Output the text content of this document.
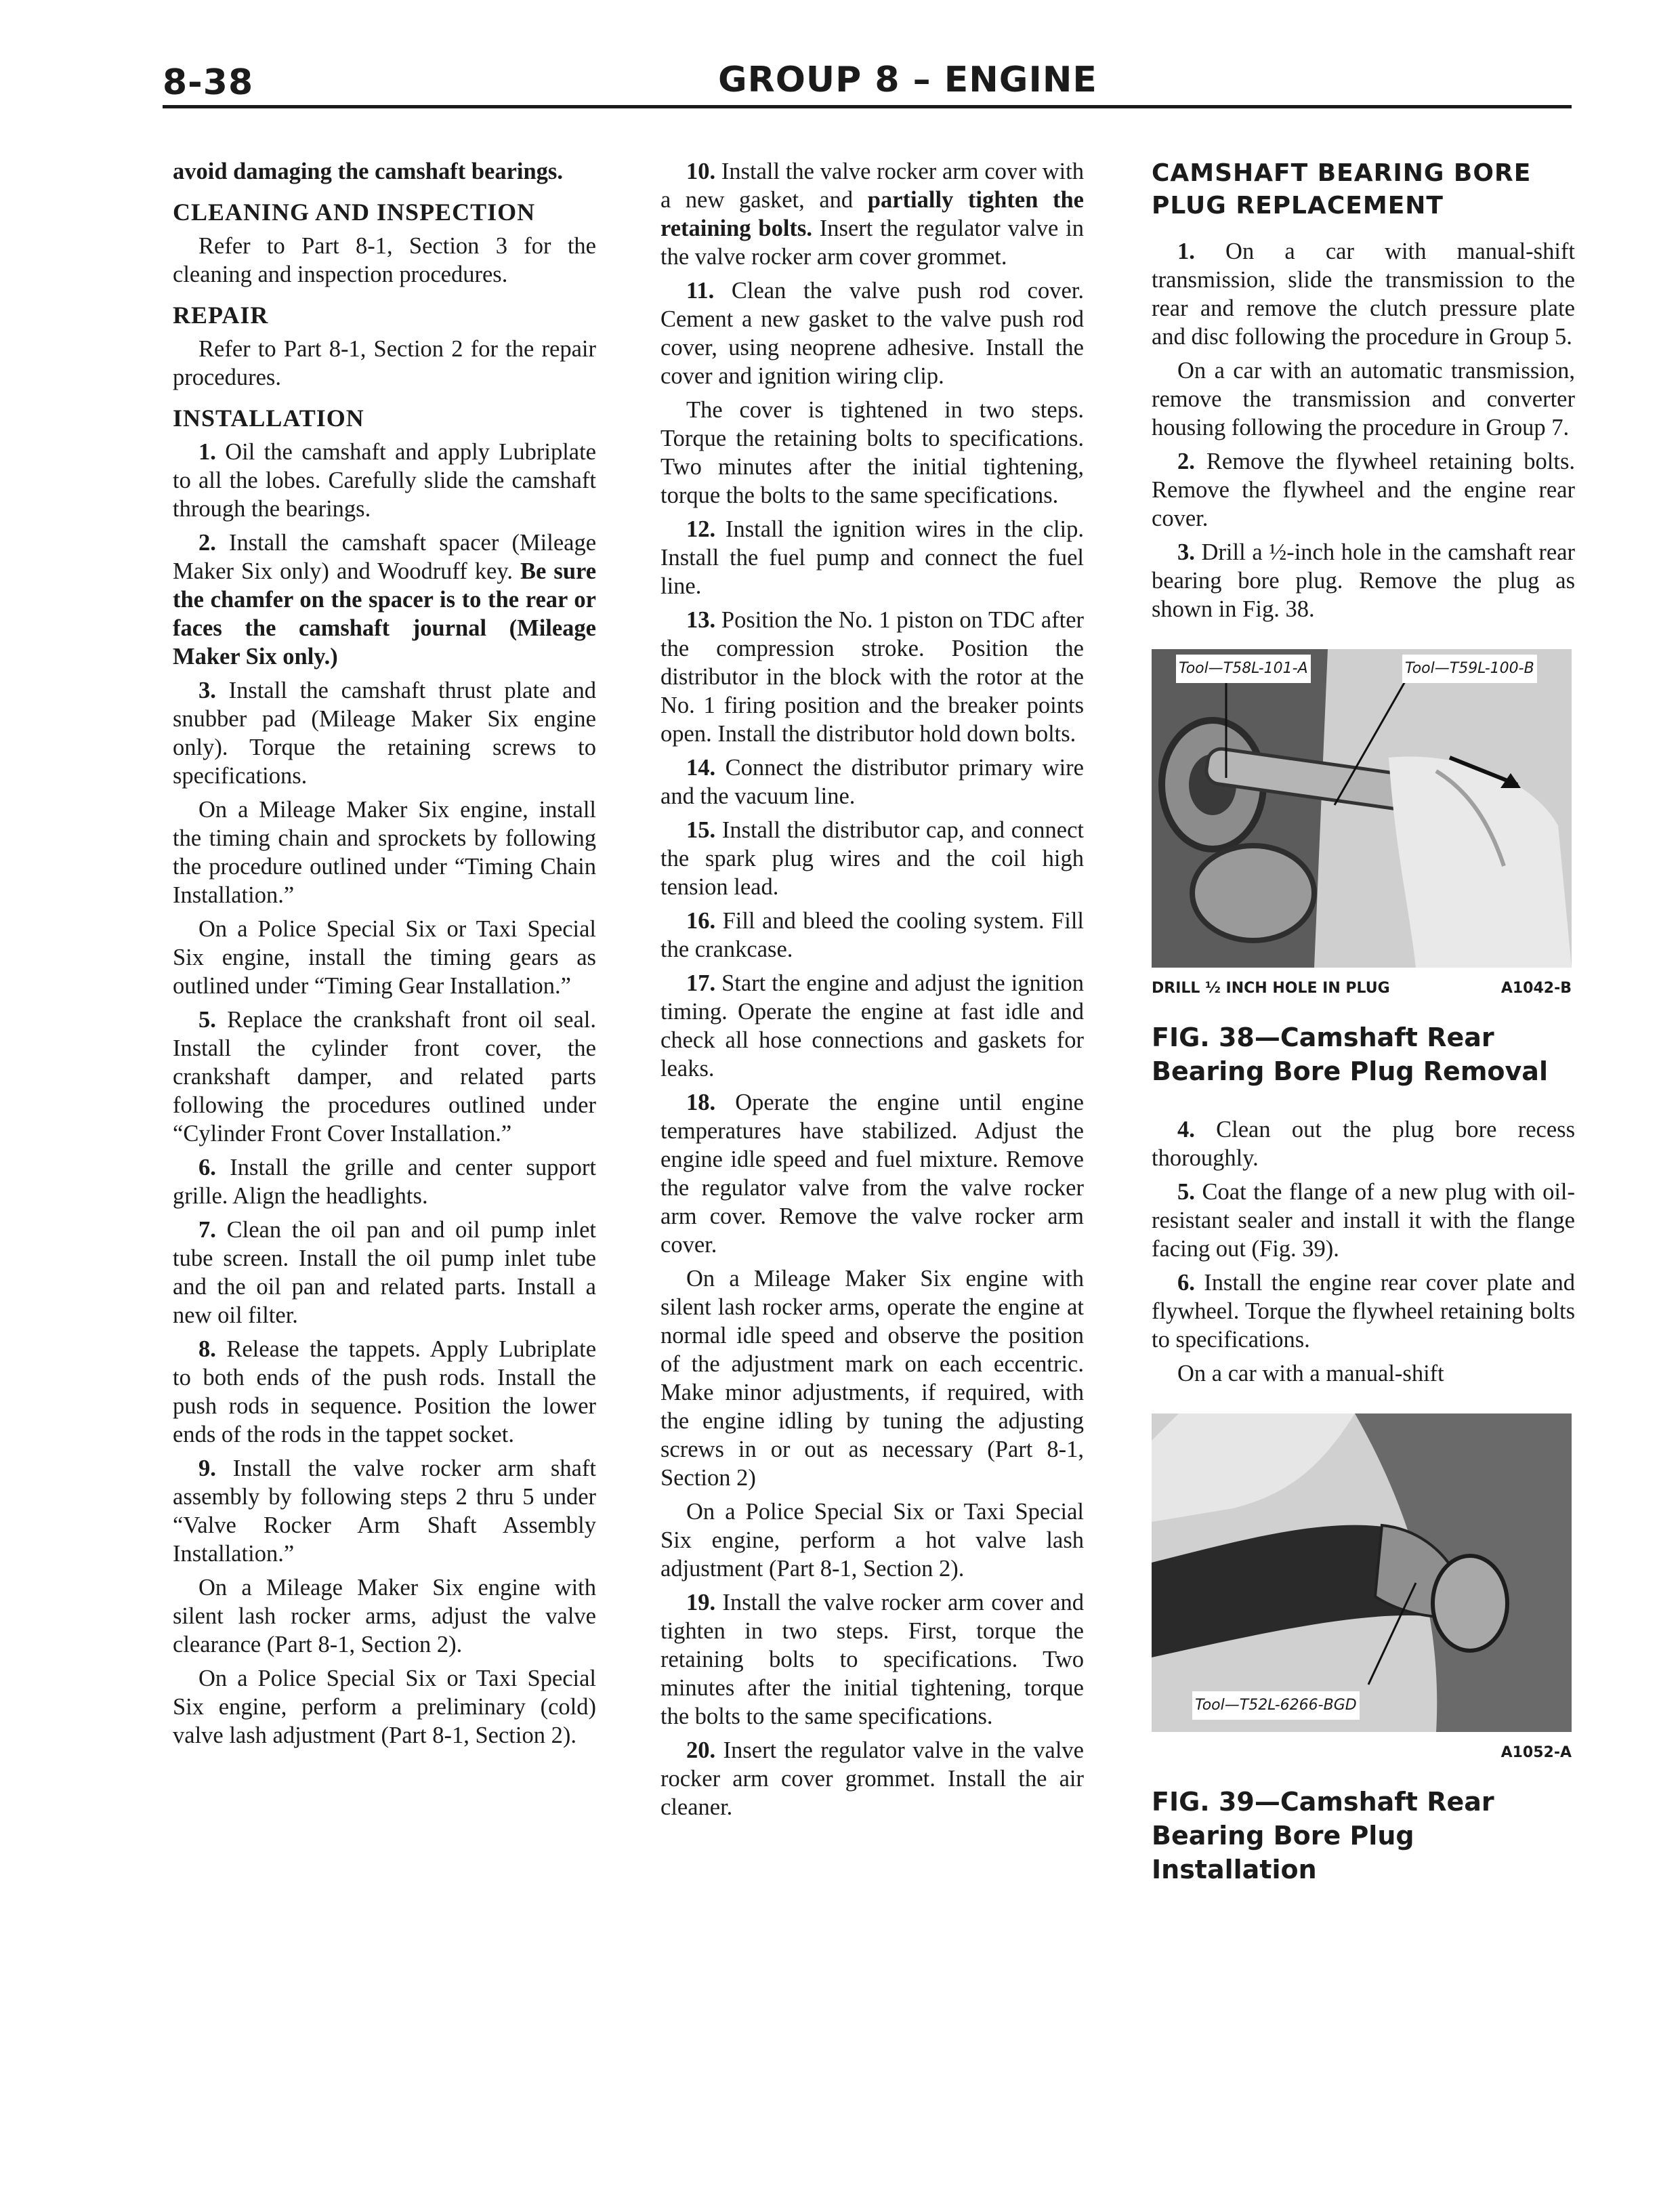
8-38	GROUP 8 – ENGINE

avoid damaging the camshaft bearings.

CLEANING AND INSPECTION

Refer to Part 8-1, Section 3 for the cleaning and inspection procedures.

REPAIR

Refer to Part 8-1, Section 2 for the repair procedures.

INSTALLATION

1. Oil the camshaft and apply Lubriplate to all the lobes. Carefully slide the camshaft through the bearings.

2. Install the camshaft spacer (Mileage Maker Six only) and Woodruff key. Be sure the chamfer on the spacer is to the rear or faces the camshaft journal (Mileage Maker Six only.)

3. Install the camshaft thrust plate and snubber pad (Mileage Maker Six engine only). Torque the retaining screws to specifications.

On a Mileage Maker Six engine, install the timing chain and sprockets by following the procedure outlined under “Timing Chain Installation.”

On a Police Special Six or Taxi Special Six engine, install the timing gears as outlined under “Timing Gear Installation.”

5. Replace the crankshaft front oil seal. Install the cylinder front cover, the crankshaft damper, and related parts following the procedures outlined under “Cylinder Front Cover Installation.”

6. Install the grille and center support grille. Align the headlights.

7. Clean the oil pan and oil pump inlet tube screen. Install the oil pump inlet tube and the oil pan and related parts. Install a new oil filter.

8. Release the tappets. Apply Lubriplate to both ends of the push rods. Install the push rods in sequence. Position the lower ends of the rods in the tappet socket.

9. Install the valve rocker arm shaft assembly by following steps 2 thru 5 under “Valve Rocker Arm Shaft Assembly Installation.”

On a Mileage Maker Six engine with silent lash rocker arms, adjust the valve clearance (Part 8-1, Section 2).

On a Police Special Six or Taxi Special Six engine, perform a preliminary (cold) valve lash adjustment (Part 8-1, Section 2).

10. Install the valve rocker arm cover with a new gasket, and partially tighten the retaining bolts. Insert the regulator valve in the valve rocker arm cover grommet.

11. Clean the valve push rod cover. Cement a new gasket to the valve push rod cover, using neoprene adhesive. Install the cover and ignition wiring clip.

The cover is tightened in two steps. Torque the retaining bolts to specifications. Two minutes after the initial tightening, torque the bolts to the same specifications.

12. Install the ignition wires in the clip. Install the fuel pump and connect the fuel line.

13. Position the No. 1 piston on TDC after the compression stroke. Position the distributor in the block with the rotor at the No. 1 firing position and the breaker points open. Install the distributor hold down bolts.

14. Connect the distributor primary wire and the vacuum line.

15. Install the distributor cap, and connect the spark plug wires and the coil high tension lead.

16. Fill and bleed the cooling system. Fill the crankcase.

17. Start the engine and adjust the ignition timing. Operate the engine at fast idle and check all hose connections and gaskets for leaks.

18. Operate the engine until engine temperatures have stabilized. Adjust the engine idle speed and fuel mixture. Remove the regulator valve from the valve rocker arm cover. Remove the valve rocker arm cover.

On a Mileage Maker Six engine with silent lash rocker arms, operate the engine at normal idle speed and observe the position of the adjustment mark on each eccentric. Make minor adjustments, if required, with the engine idling by tuning the adjusting screws in or out as necessary (Part 8-1, Section 2)

On a Police Special Six or Taxi Special Six engine, perform a hot valve lash adjustment (Part 8-1, Section 2).

19. Install the valve rocker arm cover and tighten in two steps. First, torque the retaining bolts to specifications. Two minutes after the initial tightening, torque the bolts to the same specifications.

20. Insert the regulator valve in the valve rocker arm cover grommet. Install the air cleaner.

CAMSHAFT BEARING BORE PLUG REPLACEMENT

1. On a car with manual-shift transmission, slide the transmission to the rear and remove the clutch pressure plate and disc following the procedure in Group 5.

On a car with an automatic transmission, remove the transmission and converter housing following the procedure in Group 7.

2. Remove the flywheel retaining bolts. Remove the flywheel and the engine rear cover.

3. Drill a ½-inch hole in the camshaft rear bearing bore plug. Remove the plug as shown in Fig. 38.

Tool—T58L-101-A	Tool—T59L-100-B
DRILL ½ INCH HOLE IN PLUG	A1042-B
FIG. 38—Camshaft Rear Bearing Bore Plug Removal

4. Clean out the plug bore recess thoroughly.

5. Coat the flange of a new plug with oil-resistant sealer and install it with the flange facing out (Fig. 39).

6. Install the engine rear cover plate and flywheel. Torque the flywheel retaining bolts to specifications.

On a car with a manual-shift

Tool—T52L-6266-BGD
A1052-A
FIG. 39—Camshaft Rear Bearing Bore Plug Installation
